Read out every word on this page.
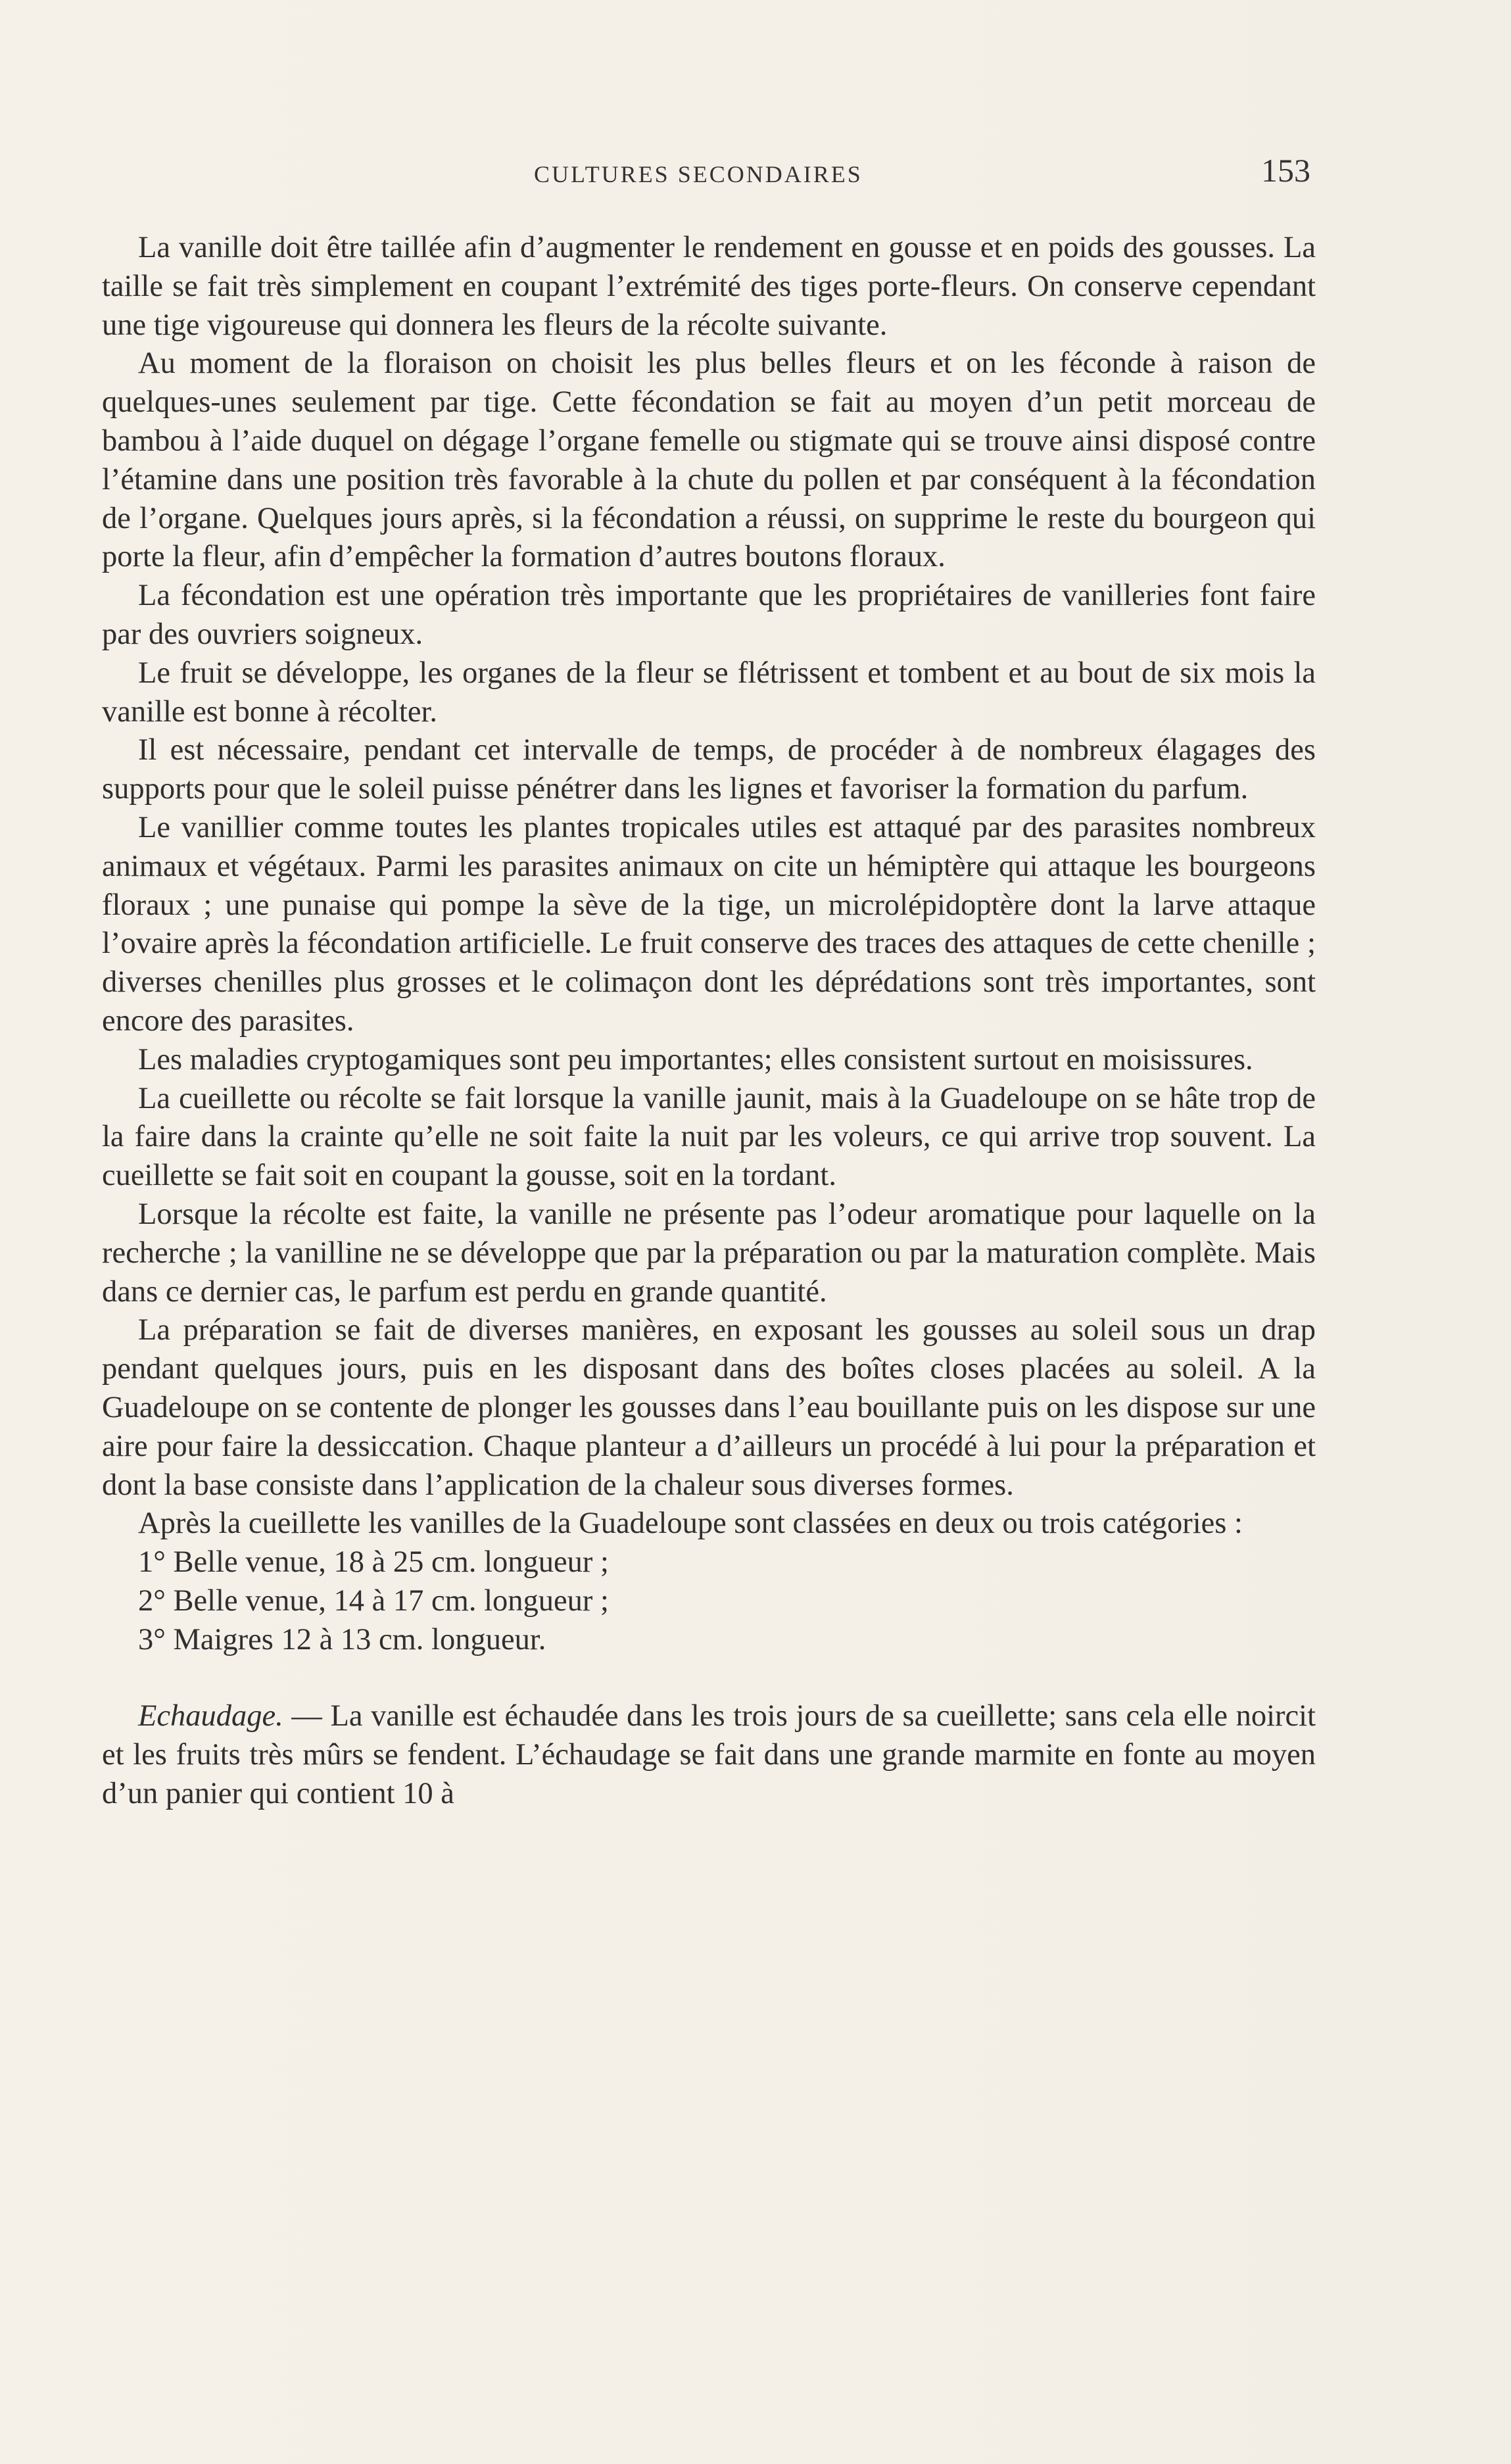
CULTURES SECONDAIRES	153

La vanille doit être taillée afin d’augmenter le rendement en gousse et en poids des gousses. La taille se fait très simplement en coupant l’extrémité des tiges porte-fleurs. On conserve cependant une tige vigoureuse qui donnera les fleurs de la récolte suivante.

Au moment de la floraison on choisit les plus belles fleurs et on les féconde à raison de quelques-unes seulement par tige. Cette fécondation se fait au moyen d’un petit morceau de bambou à l’aide duquel on dégage l’organe femelle ou stigmate qui se trouve ainsi disposé contre l’étamine dans une position très favorable à la chute du pollen et par conséquent à la fécondation de l’organe. Quelques jours après, si la fécondation a réussi, on supprime le reste du bourgeon qui porte la fleur, afin d’empêcher la formation d’autres boutons floraux.

La fécondation est une opération très importante que les propriétaires de vanilleries font faire par des ouvriers soigneux.

Le fruit se développe, les organes de la fleur se flétrissent et tombent et au bout de six mois la vanille est bonne à récolter.

Il est nécessaire, pendant cet intervalle de temps, de procéder à de nombreux élagages des supports pour que le soleil puisse pénétrer dans les lignes et favoriser la formation du parfum.

Le vanillier comme toutes les plantes tropicales utiles est attaqué par des parasites nombreux animaux et végétaux. Parmi les parasites animaux on cite un hémiptère qui attaque les bourgeons floraux ; une punaise qui pompe la sève de la tige, un microlépidoptère dont la larve attaque l’ovaire après la fécondation artificielle. Le fruit conserve des traces des attaques de cette chenille ; diverses chenilles plus grosses et le colimaçon dont les déprédations sont très importantes, sont encore des parasites.

Les maladies cryptogamiques sont peu importantes; elles consistent surtout en moisissures.

La cueillette ou récolte se fait lorsque la vanille jaunit, mais à la Guadeloupe on se hâte trop de la faire dans la crainte qu’elle ne soit faite la nuit par les voleurs, ce qui arrive trop souvent. La cueillette se fait soit en coupant la gousse, soit en la tordant.

Lorsque la récolte est faite, la vanille ne présente pas l’odeur aromatique pour laquelle on la recherche ; la vanilline ne se développe que par la préparation ou par la maturation complète. Mais dans ce dernier cas, le parfum est perdu en grande quantité.

La préparation se fait de diverses manières, en exposant les gousses au soleil sous un drap pendant quelques jours, puis en les disposant dans des boîtes closes placées au soleil. A la Guadeloupe on se contente de plonger les gousses dans l’eau bouillante puis on les dispose sur une aire pour faire la dessiccation. Chaque planteur a d’ailleurs un procédé à lui pour la préparation et dont la base consiste dans l’application de la chaleur sous diverses formes.

Après la cueillette les vanilles de la Guadeloupe sont classées en deux ou trois catégories :

1° Belle venue, 18 à 25 cm. longueur ;

2° Belle venue, 14 à 17 cm. longueur ;

3° Maigres 12 à 13 cm. longueur.

Echaudage. — La vanille est échaudée dans les trois jours de sa cueillette; sans cela elle noircit et les fruits très mûrs se fendent. L’échaudage se fait dans une grande marmite en fonte au moyen d’un panier qui contient 10 à
